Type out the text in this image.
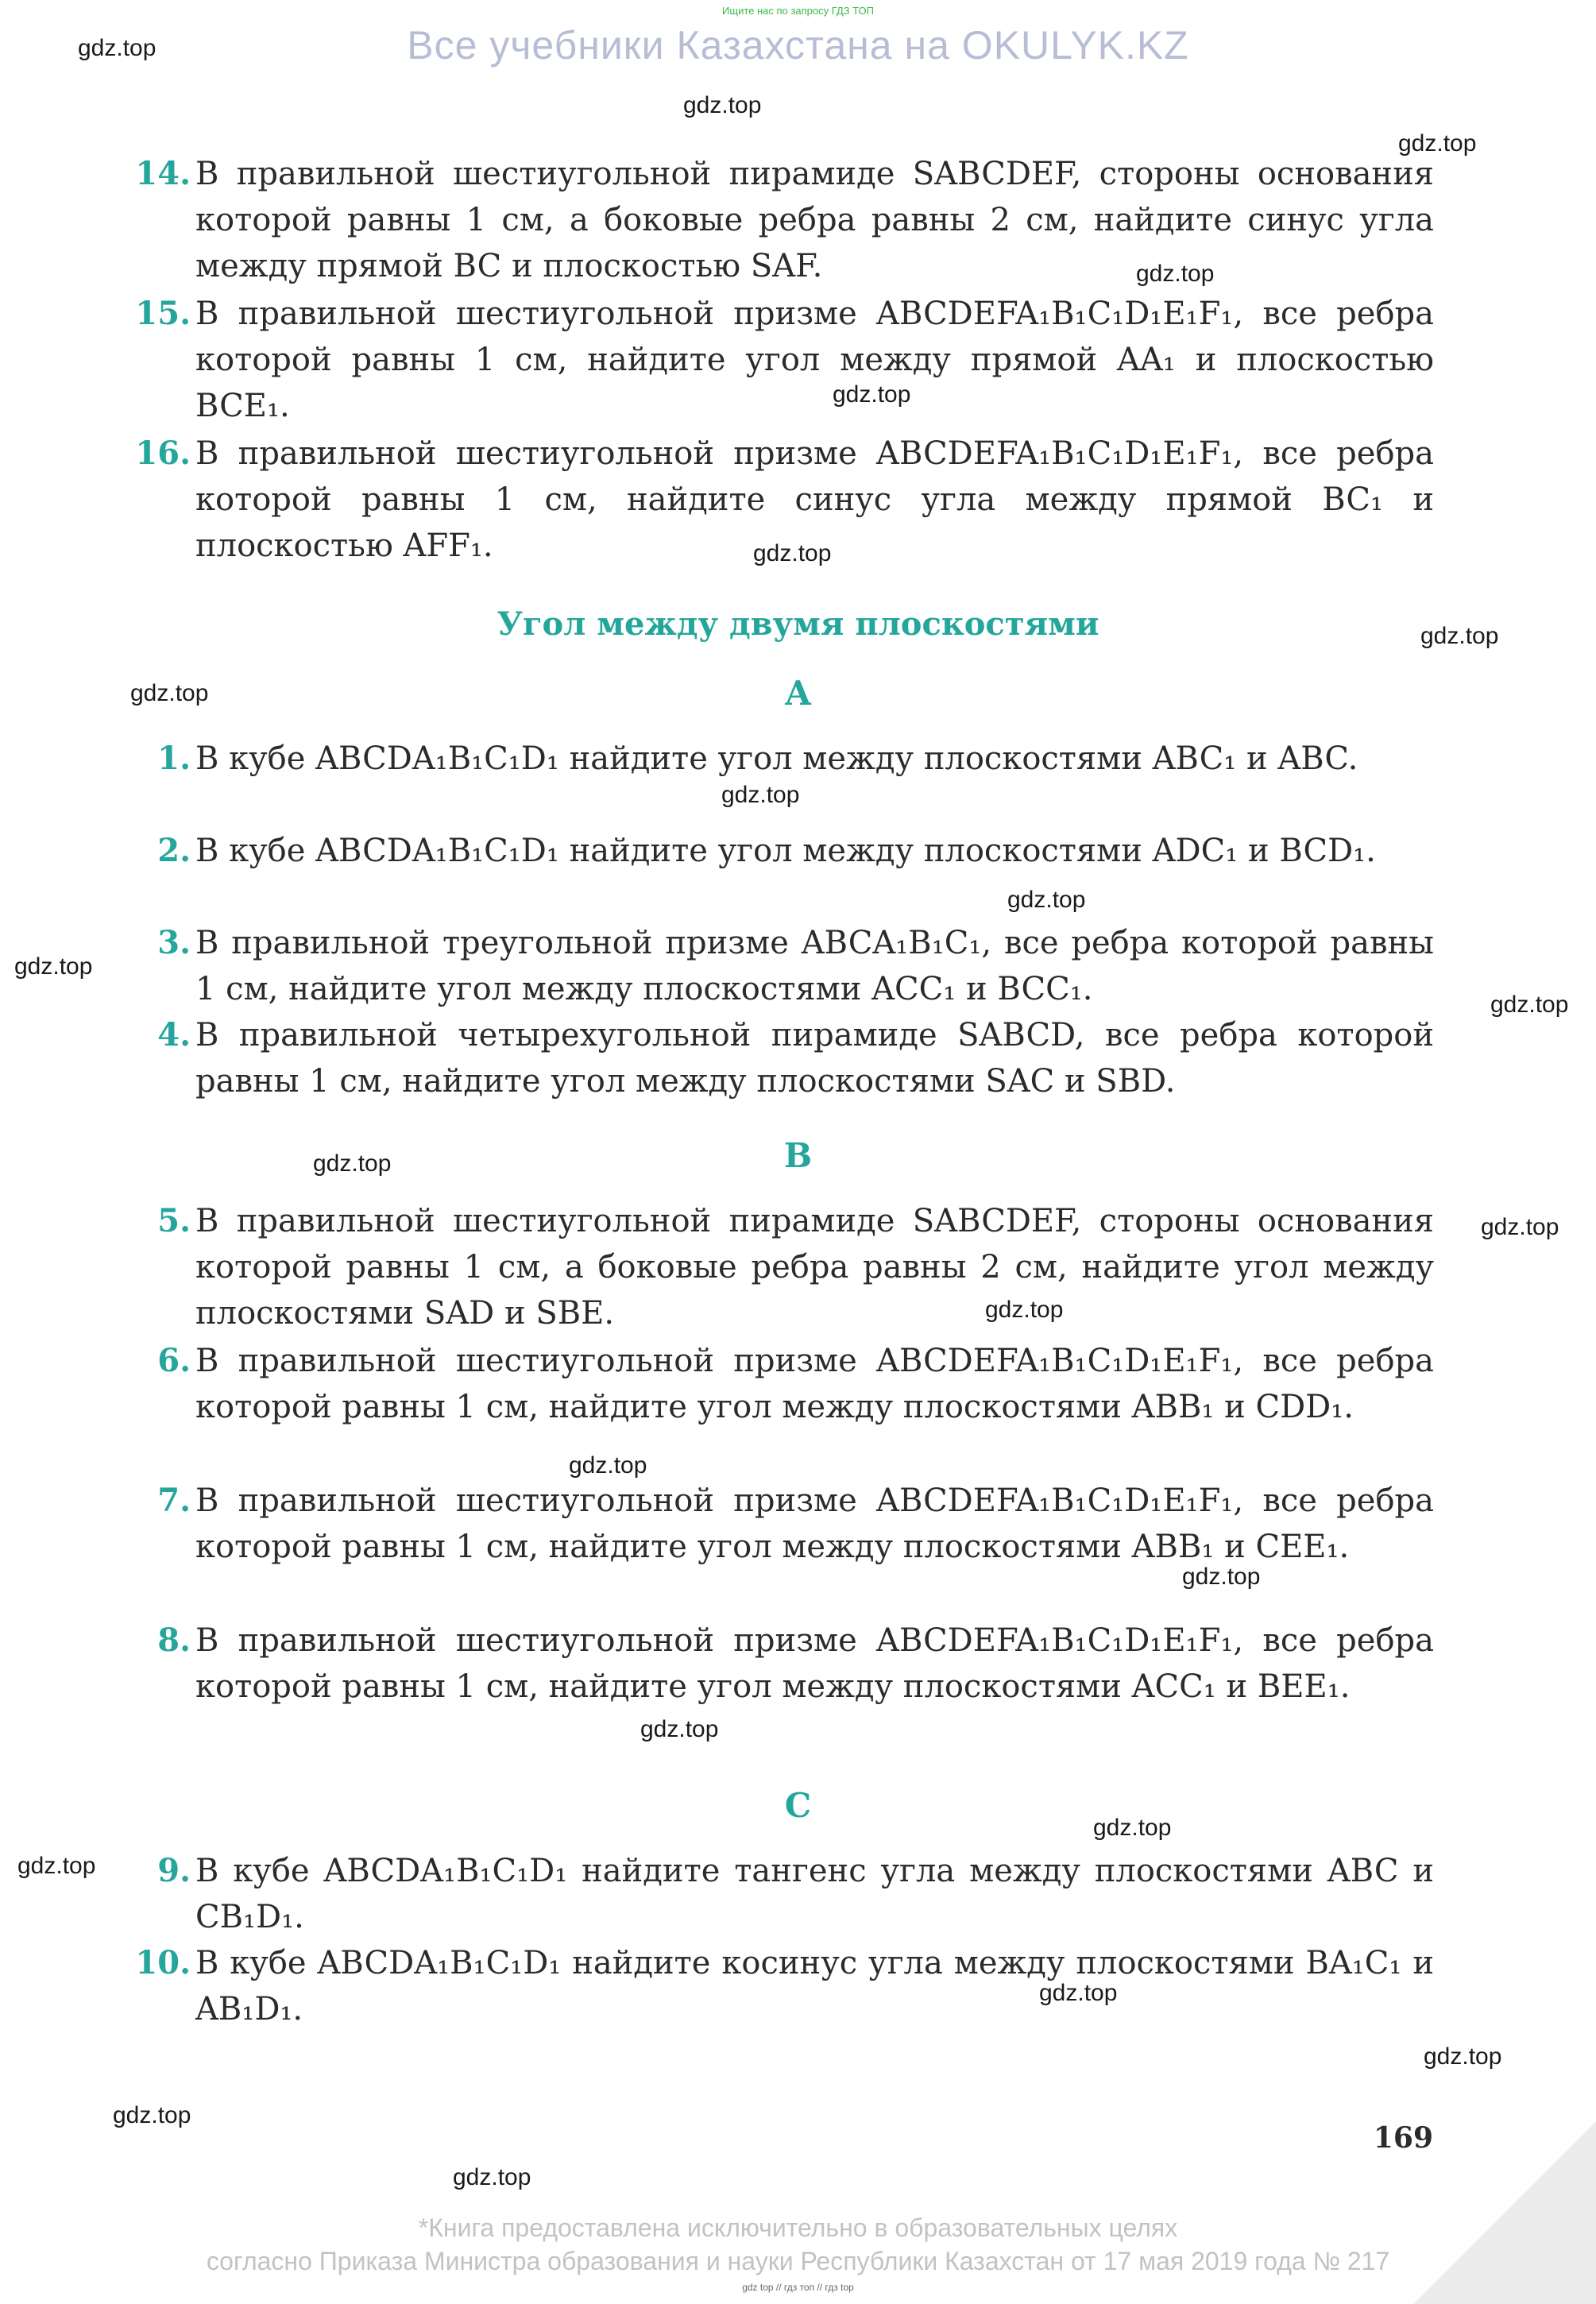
Ищите нас по запросу ГДЗ ТОП
Все учебники Казахстана на OKULYK.KZ
gdz.top
gdz.top
gdz.top
gdz.top
gdz.top
gdz.top
gdz.top
gdz.top
gdz.top
gdz.top
gdz.top
gdz.top
gdz.top
gdz.top
gdz.top
gdz.top
gdz.top
gdz.top
gdz.top
gdz.top
gdz.top
gdz.top
gdz.top
gdz.top
14. В правильной шестиугольной пирамиде SABCDEF, стороны основания которой равны 1 см, а боковые ребра равны 2 см, найдите синус угла между прямой BC и плоскостью SAF.
15. В правильной шестиугольной призме ABCDEFA₁B₁C₁D₁E₁F₁, все ребра которой равны 1 см, найдите угол между прямой AA₁ и плоскостью BCE₁.
16. В правильной шестиугольной призме ABCDEFA₁B₁C₁D₁E₁F₁, все ребра которой равны 1 см, найдите синус угла между прямой BC₁ и плоскостью AFF₁.
Угол между двумя плоскостями
A
1. В кубе ABCDA₁B₁C₁D₁ найдите угол между плоскостями ABC₁ и ABC.
2. В кубе ABCDA₁B₁C₁D₁ найдите угол между плоскостями ADC₁ и BCD₁.
3. В правильной треугольной призме ABCA₁B₁C₁, все ребра которой равны 1 см, найдите угол между плоскостями ACC₁ и BCC₁.
4. В правильной четырехугольной пирамиде SABCD, все ребра которой равны 1 см, найдите угол между плоскостями SAC и SBD.
B
5. В правильной шестиугольной пирамиде SABCDEF, стороны основания которой равны 1 см, а боковые ребра равны 2 см, найдите угол между плоскостями SAD и SBE.
6. В правильной шестиугольной призме ABCDEFA₁B₁C₁D₁E₁F₁, все ребра которой равны 1 см, найдите угол между плоскостями ABB₁ и CDD₁.
7. В правильной шестиугольной призме ABCDEFA₁B₁C₁D₁E₁F₁, все ребра которой равны 1 см, найдите угол между плоскостями ABB₁ и CEE₁.
8. В правильной шестиугольной призме ABCDEFA₁B₁C₁D₁E₁F₁, все ребра которой равны 1 см, найдите угол между плоскостями ACC₁ и BEE₁.
C
9. В кубе ABCDA₁B₁C₁D₁ найдите тангенс угла между плоскостями ABC и CB₁D₁.
10. В кубе ABCDA₁B₁C₁D₁ найдите косинус угла между плоскостями BA₁C₁ и AB₁D₁.
169
*Книга предоставлена исключительно в образовательных целях
согласно Приказа Министра образования и науки Республики Казахстан от 17 мая 2019 года № 217
gdz top // гдз топ // гдз top
